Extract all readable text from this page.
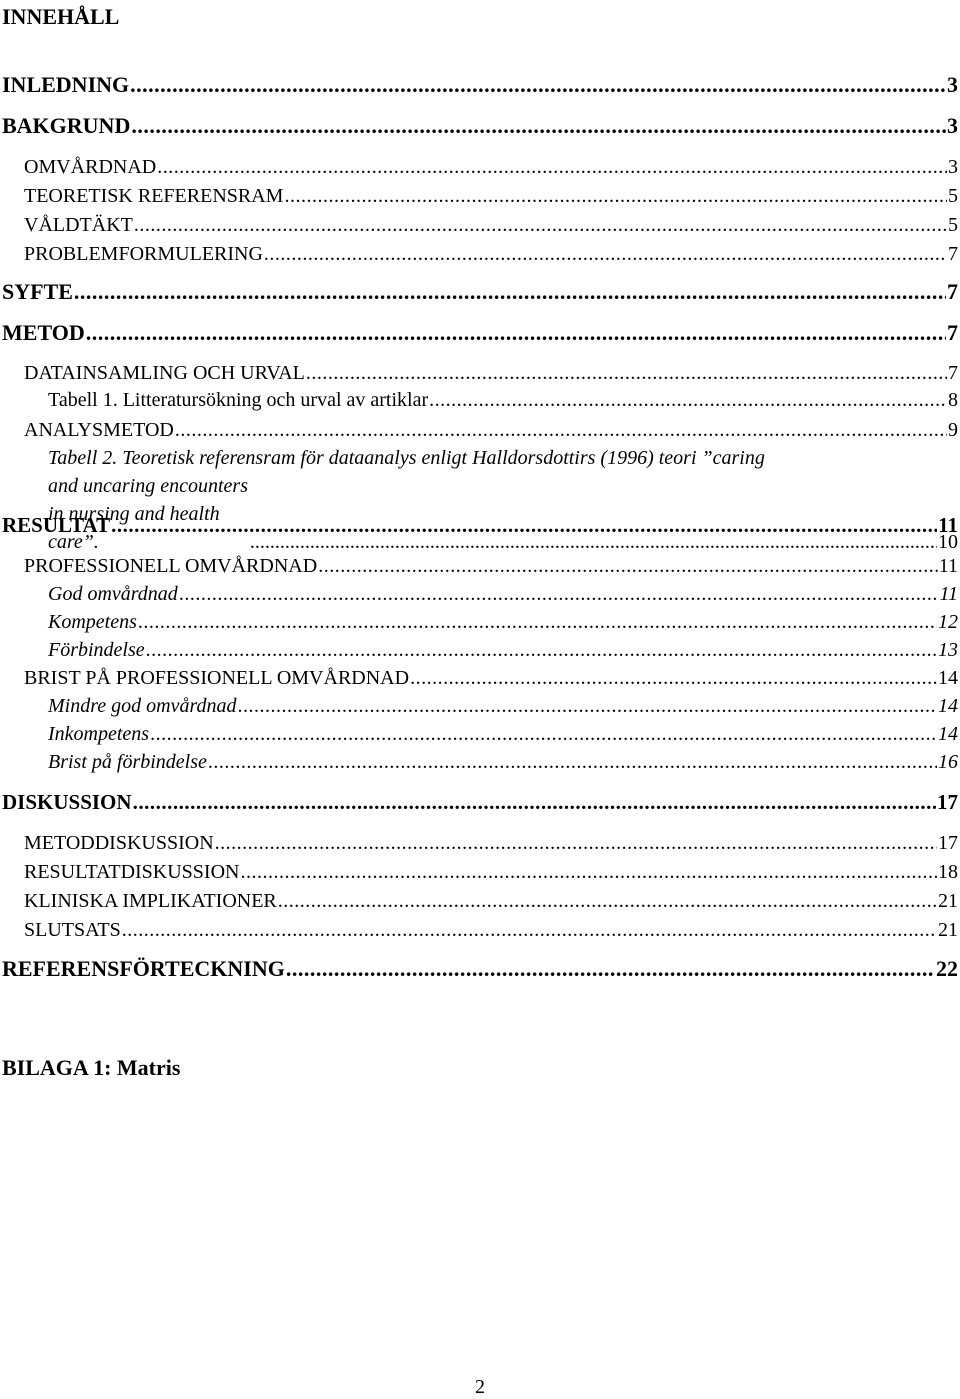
INNEHÅLL
INLEDNING .....	3
BAKGRUND .....	3
OMVÅRDNAD .....	3
TEORETISK REFERENSRAM .....	5
VÅLDTÄKT .....	5
PROBLEMFORMULERING .....	7
SYFTE .....	7
METOD .....	7
DATAINSAMLING OCH URVAL .....	7
Tabell 1. Litteratursökning och urval av artiklar .....	8
ANALYSMETOD .....	9
Tabell 2. Teoretisk referensram för dataanalys enligt Halldorsdottirs (1996) teori ”caring
and uncaring encounters in nursing and health care”. .....	10
RESULTAT .....	11
PROFESSIONELL OMVÅRDNAD .....	11
God omvårdnad .....	11
Kompetens .....	12
Förbindelse .....	13
BRIST PÅ PROFESSIONELL OMVÅRDNAD .....	14
Mindre god omvårdnad .....	14
Inkompetens .....	14
Brist på förbindelse .....	16
DISKUSSION .....	17
METODDISKUSSION .....	17
RESULTATDISKUSSION .....	18
KLINISKA IMPLIKATIONER .....	21
SLUTSATS .....	21
REFERENSFÖRTECKNING .....	22

BILAGA 1: Matris

2
